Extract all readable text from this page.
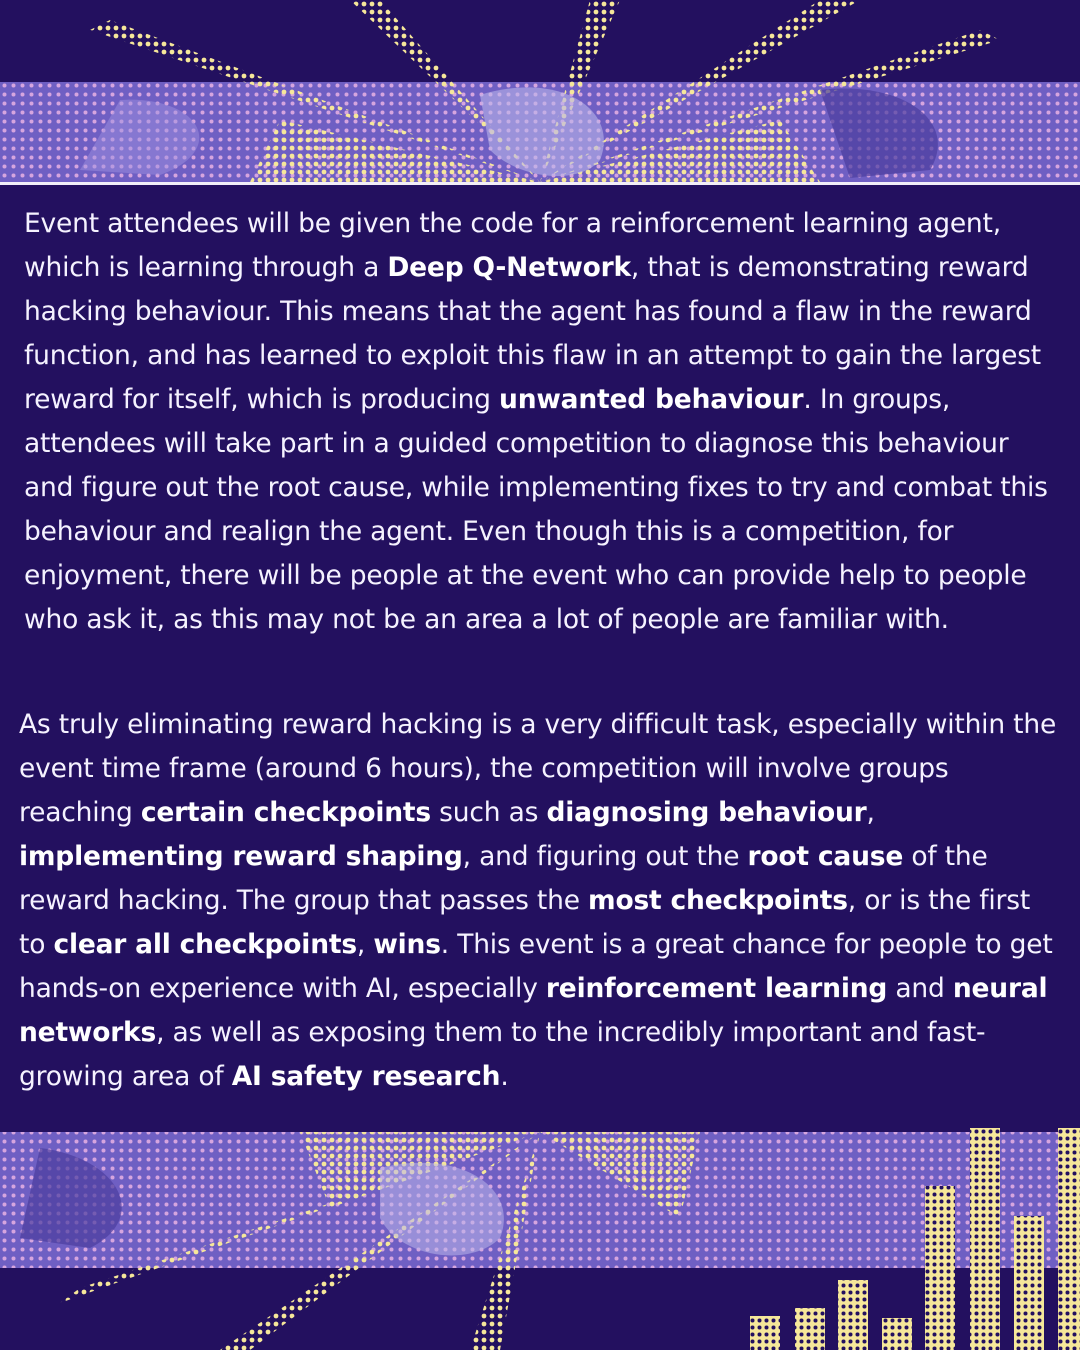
Event attendees will be given the code for a reinforcement learning agent, which is learning through a Deep Q-Network, that is demonstrating reward hacking behaviour. This means that the agent has found a flaw in the reward function, and has learned to exploit this flaw in an attempt to gain the largest reward for itself, which is producing unwanted behaviour. In groups, attendees will take part in a guided competition to diagnose this behaviour and figure out the root cause, while implementing fixes to try and combat this behaviour and realign the agent. Even though this is a competition, for enjoyment, there will be people at the event who can provide help to people who ask it, as this may not be an area a lot of people are familiar with.

As truly eliminating reward hacking is a very difficult task, especially within the event time frame (around 6 hours), the competition will involve groups reaching certain checkpoints such as diagnosing behaviour, implementing reward shaping, and figuring out the root cause of the reward hacking. The group that passes the most checkpoints, or is the first to clear all checkpoints, wins. This event is a great chance for people to get hands-on experience with AI, especially reinforcement learning and neural networks, as well as exposing them to the incredibly important and fast-growing area of AI safety research.
